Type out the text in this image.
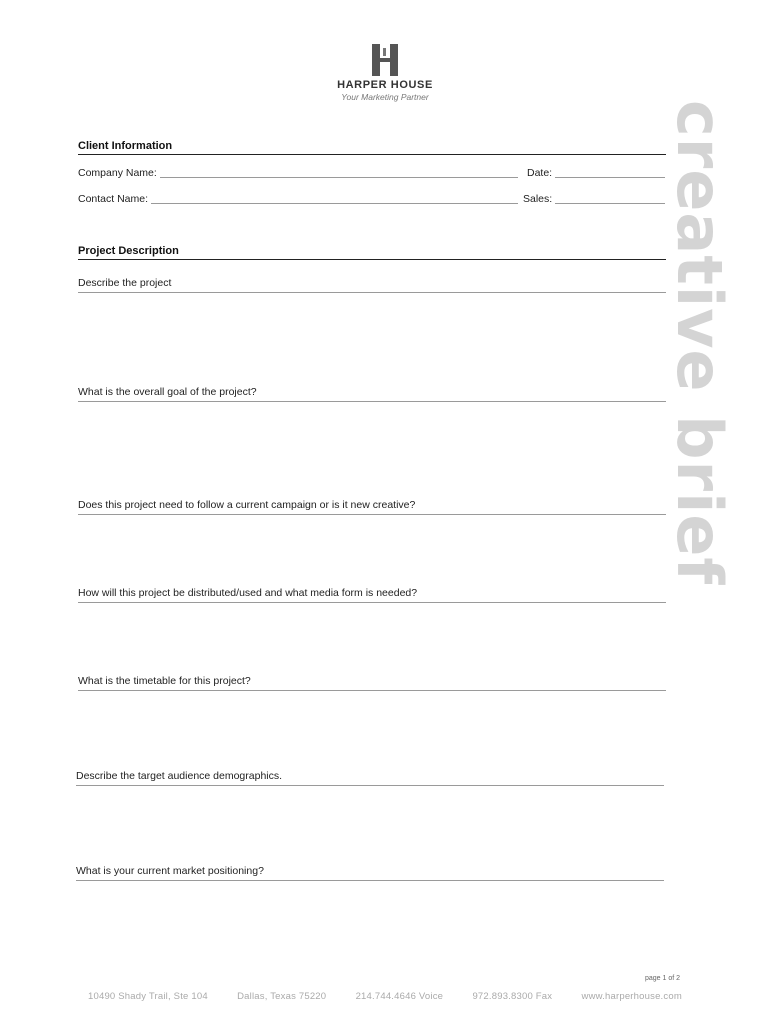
HARPER HOUSE
Your Marketing Partner
creative brief
Client Information
Company Name:	Date:
Contact Name:	Sales:
Project Description
Describe the project
What is the overall goal of the project?
Does this project need to follow a current campaign or is it new creative?
How will this project be distributed/used and what media form is needed?
What is the timetable for this project?
Describe the target audience demographics.
What is your current market positioning?
page 1 of 2
10490 Shady Trail, Ste 104	Dallas, Texas 75220	214.744.4646 Voice	972.893.8300 Fax	www.harperhouse.com
